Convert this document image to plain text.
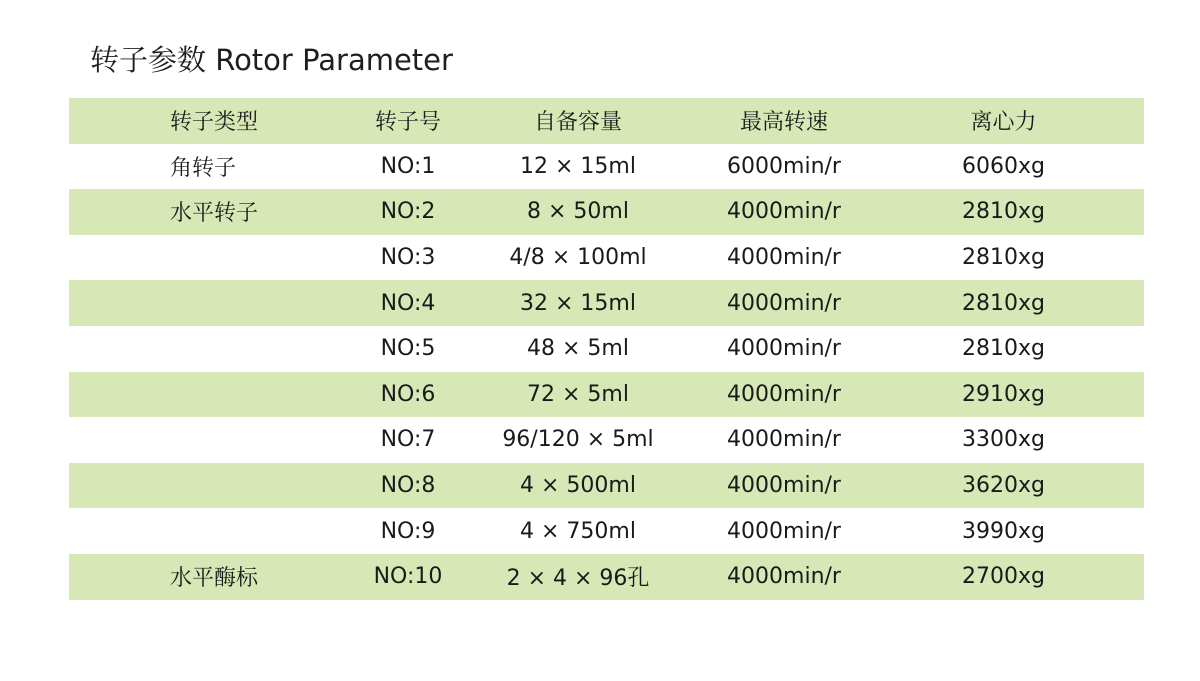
转子参数 Rotor Parameter
转子类型	转子号	自备容量	最高转速	离心力
角转子	NO:1	12 × 15ml	6000min/r	6060xg
水平转子	NO:2	8 × 50ml	4000min/r	2810xg
	NO:3	4/8 × 100ml	4000min/r	2810xg
	NO:4	32 × 15ml	4000min/r	2810xg
	NO:5	48 × 5ml	4000min/r	2810xg
	NO:6	72 × 5ml	4000min/r	2910xg
	NO:7	96/120 × 5ml	4000min/r	3300xg
	NO:8	4 × 500ml	4000min/r	3620xg
	NO:9	4 × 750ml	4000min/r	3990xg
水平酶标	NO:10	2 × 4 × 96孔	4000min/r	2700xg
